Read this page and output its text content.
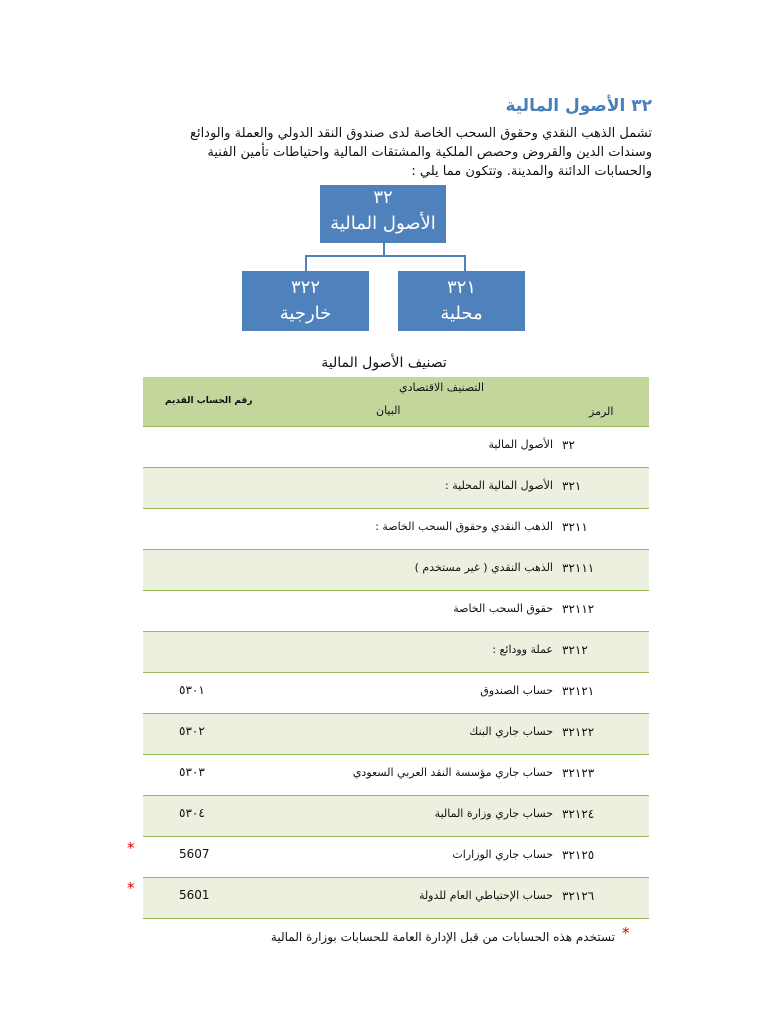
٣٢ الأصول المالية
تشمل الذهب النقدي وحقوق السحب الخاصة لدى صندوق النقد الدولي والعملة والودائع
وسندات الدين والقروض وحصص الملكية والمشتقات المالية واحتياطات تأمين الفنية
والحسابات الدائنة والمدينة. وتتكون مما يلي :
٣٢
الأصول المالية
٣٢١
محلية
٣٢٢
خارجية
تصنيف الأصول المالية
التصنيف الاقتصادي
الرمز
البيان
رقم الحساب القديم
٣٢
الأصول المالية
٣٢١
الأصول المالية المحلية :
٣٢١١
الذهب النقدي وحقوق السحب الخاصة :
٣٢١١١
الذهب النقدي ( غير مستخدم )
٣٢١١٢
حقوق السحب الخاصة
٣٢١٢
عملة وودائع :
٣٢١٢١
حساب الصندوق
٥٣٠١
٣٢١٢٢
حساب جاري البنك
٥٣٠٢
٣٢١٢٣
حساب جاري مؤسسة النقد العربي السعودي
٥٣٠٣
٣٢١٢٤
حساب جاري وزارة المالية
٥٣٠٤
٣٢١٢٥
حساب جاري الوزارات
5607
٣٢١٢٦
حساب الإحتياطي العام للدولة
5601
*
*
*
تستخدم هذه الحسابات من قبل الإدارة العامة للحسابات بوزارة المالية
